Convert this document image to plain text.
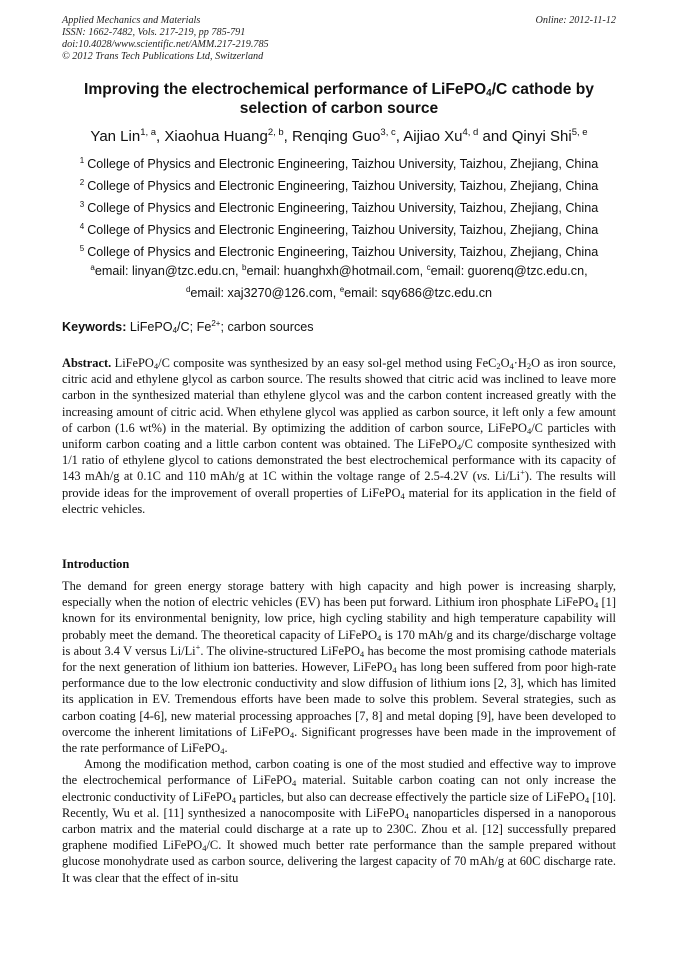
Applied Mechanics and Materials
ISSN: 1662-7482, Vols. 217-219, pp 785-791
doi:10.4028/www.scientific.net/AMM.217-219.785
© 2012 Trans Tech Publications Ltd, Switzerland
Online: 2012-11-12
Improving the electrochemical performance of LiFePO$_4$/C cathode by selection of carbon source
Yan Lin$^{1, a}$, Xiaohua Huang$^{2, b}$, Renqing Guo$^{3, c}$, Aijiao Xu$^{4, d}$ and Qinyi Shi$^{5, e}$
$^1$ College of Physics and Electronic Engineering, Taizhou University, Taizhou, Zhejiang, China
$^2$ College of Physics and Electronic Engineering, Taizhou University, Taizhou, Zhejiang, China
$^3$ College of Physics and Electronic Engineering, Taizhou University, Taizhou, Zhejiang, China
$^4$ College of Physics and Electronic Engineering, Taizhou University, Taizhou, Zhejiang, China
$^5$ College of Physics and Electronic Engineering, Taizhou University, Taizhou, Zhejiang, China
$^a$email: linyan@tzc.edu.cn, $^b$email: huanghxh@hotmail.com, $^c$email: guorenq@tzc.edu.cn,
$^d$email: xaj3270@126.com, $^e$email: sqy686@tzc.edu.cn
Keywords: LiFePO$_4$/C; $Fe^{2+}$; carbon sources
Abstract. LiFePO$_4$/C composite was synthesized by an easy sol-gel method using $FeC_2O_4\cdot H_2O$ as iron source, citric acid and ethylene glycol as carbon source. The results showed that citric acid was inclined to leave more carbon in the synthesized material than ethylene glycol was and the carbon content increased greatly with the increasing amount of citric acid. When ethylene glycol was applied as carbon source, it left only a few amount of carbon (1.6 wt%) in the material. By optimizing the addition of carbon source, LiFePO$_4$/C particles with uniform carbon coating and a little carbon content was obtained. The LiFePO$_4$/C composite synthesized with 1/1 ratio of ethylene glycol to cations demonstrated the best electrochemical performance with its capacity of 143 mAh/g at 0.1C and 110 mAh/g at 1C within the voltage range of 2.5-4.2V (vs. Li/Li+). The results will provide ideas for the improvement of overall properties of LiFePO$_4$ material for its application in the field of electric vehicles.
Introduction

The demand for green energy storage battery with high capacity and high power is increasing sharply, especially when the notion of electric vehicles (EV) has been put forward. Lithium iron phosphate LiFePO$_4$ [1] known for its environmental benignity, low price, high cycling stability and high temperature capability will probably meet the demand. The theoretical capacity of LiFePO$_4$ is 170 mAh/g and its charge/discharge voltage is about 3.4 V versus Li/Li+. The olivine-structured LiFePO$_4$ has become the most promising cathode materials for the next generation of lithium ion batteries. However, LiFePO$_4$ has long been suffered from poor high-rate performance due to the low electronic conductivity and slow diffusion of lithium ions [2, 3], which has limited its application in EV. Tremendous efforts have been made to solve this problem. Several strategies, such as carbon coating [4-6], new material processing approaches [7, 8] and metal doping [9], have been developed to overcome the inherent limitations of LiFePO$_4$. Significant progresses have been made in the improvement of the rate performance of LiFePO$_4$.

Among the modification method, carbon coating is one of the most studied and effective way to improve the electrochemical performance of LiFePO$_4$ material. Suitable carbon coating can not only increase the electronic conductivity of LiFePO$_4$ particles, but also can decrease effectively the particle size of LiFePO$_4$ [10]. Recently, Wu et al. [11] synthesized a nanocomposite with LiFePO$_4$ nanoparticles dispersed in a nanoporous carbon matrix and the material could discharge at a rate up to 230C. Zhou et al. [12] successfully prepared graphene modified LiFePO$_4$/C. It showed much better rate performance than the sample prepared without glucose monohydrate used as carbon source, delivering the largest capacity of 70 mAh/g at 60C discharge rate. It was clear that the effect of in-situ
